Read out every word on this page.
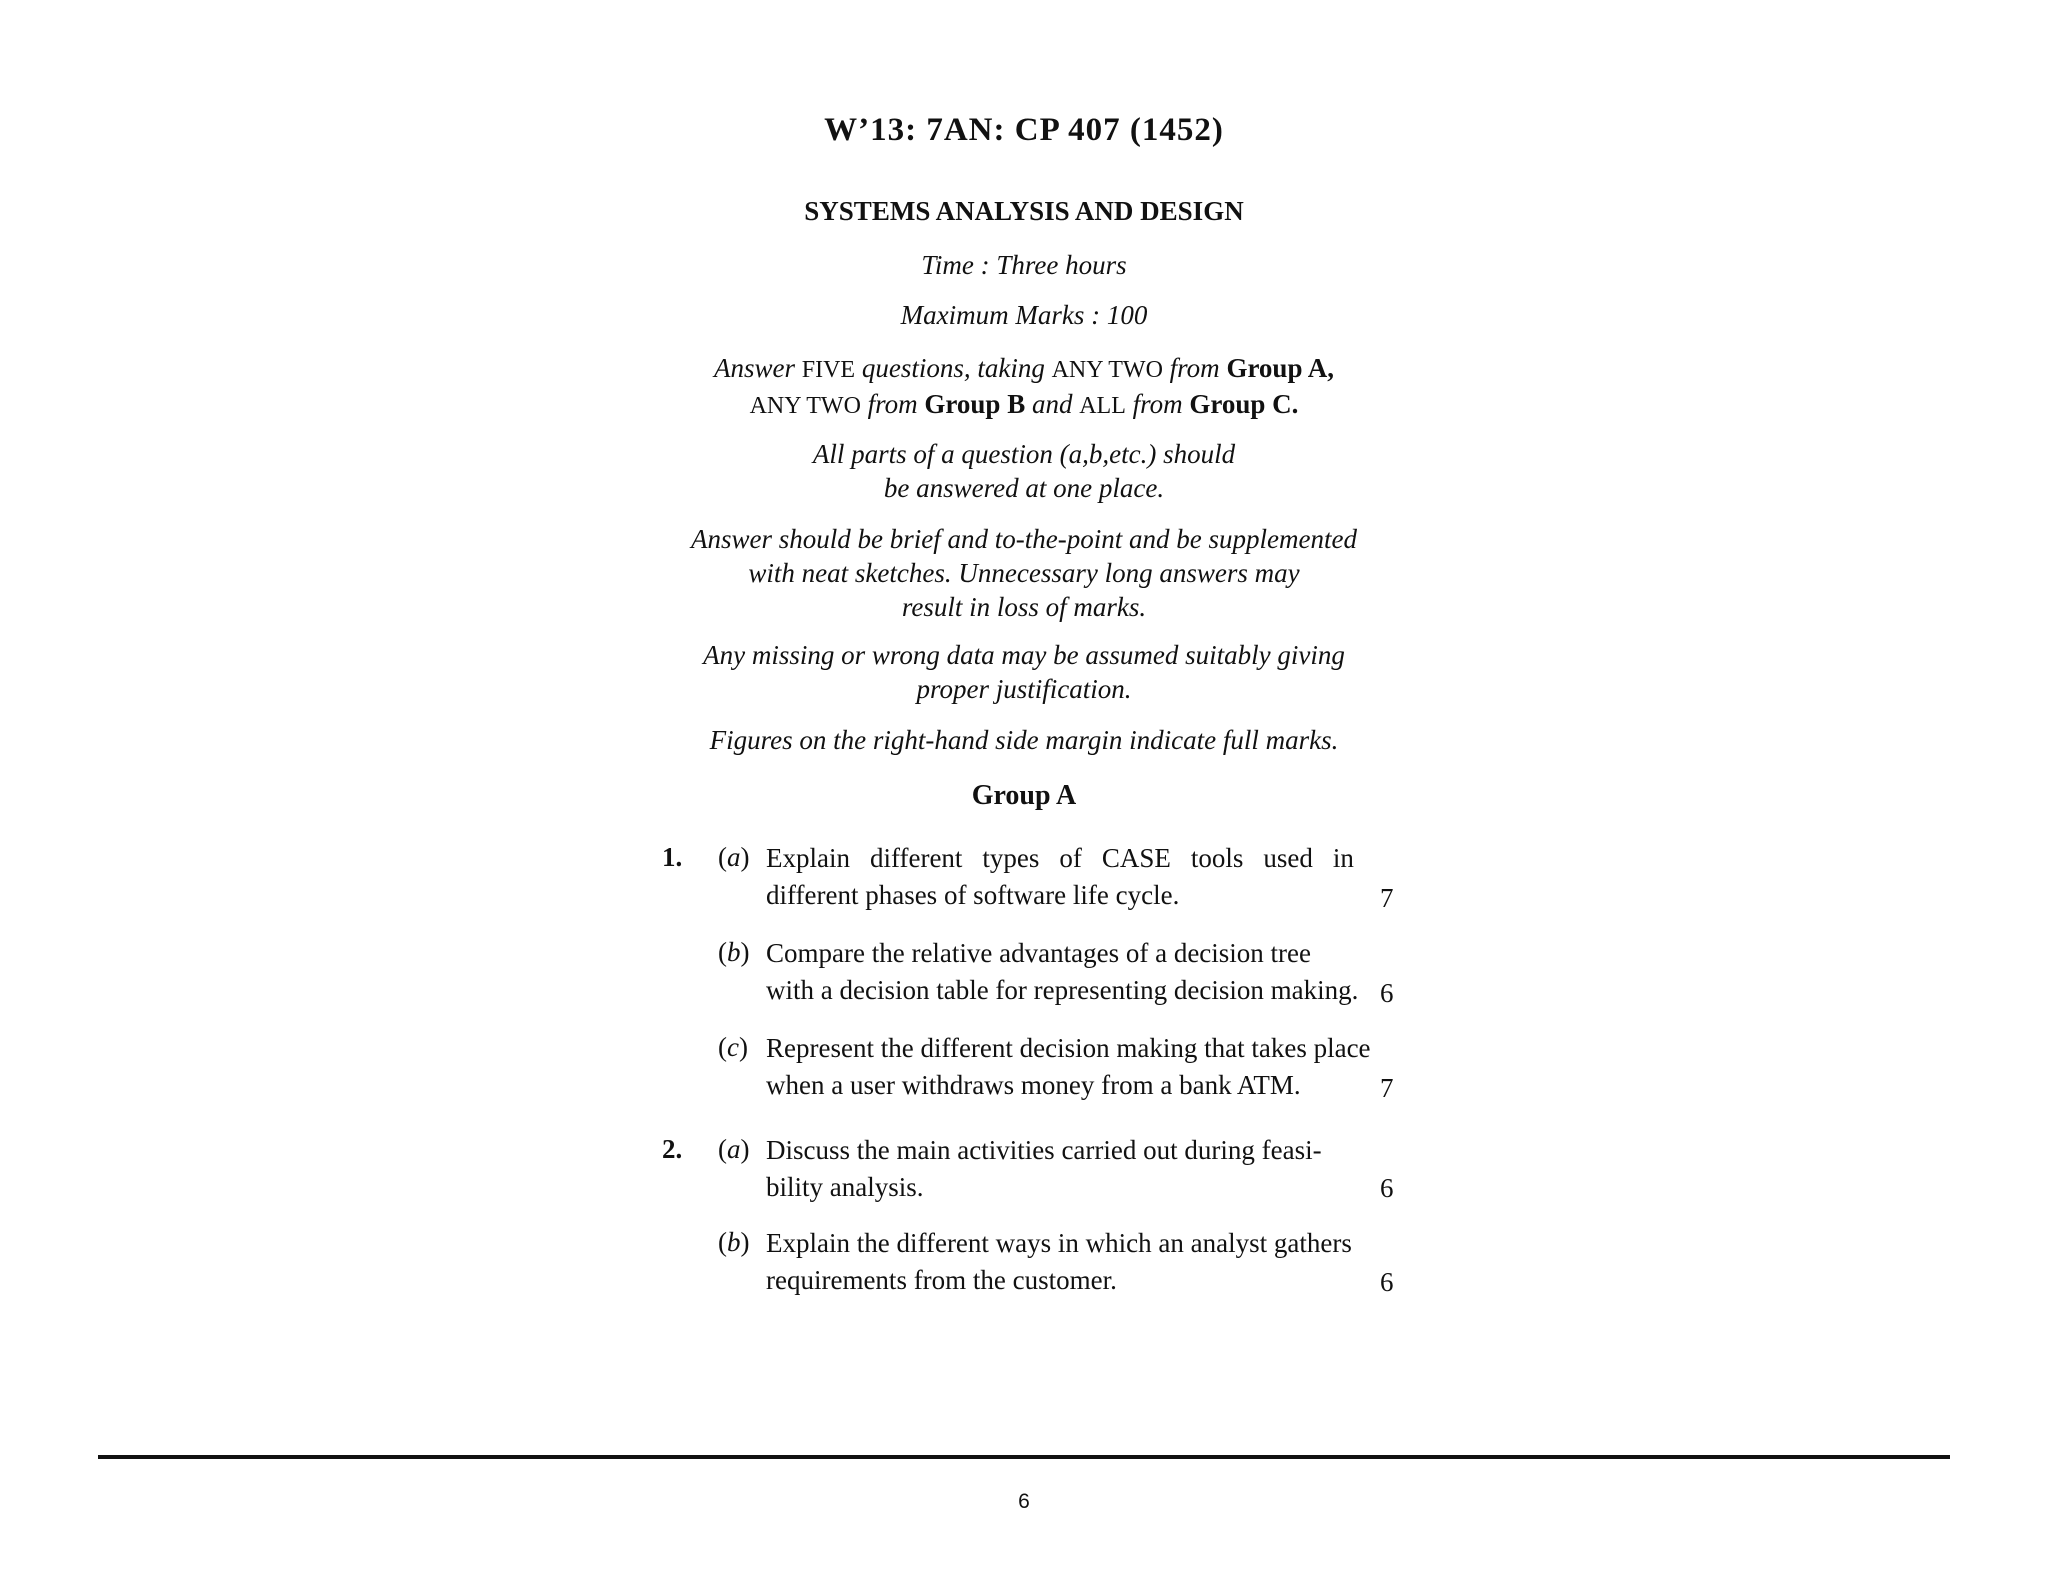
W’13: 7AN: CP 407 (1452)
SYSTEMS ANALYSIS AND DESIGN
Time : Three hours
Maximum Marks : 100
Answer FIVE questions, taking ANY TWO from Group A,
ANY TWO from Group B and ALL from Group C.
All parts of a question (a,b,etc.) should
be answered at one place.
Answer should be brief and to-the-point and be supplemented
with neat sketches. Unnecessary long answers may
result in loss of marks.
Any missing or wrong data may be assumed suitably giving
proper justification.
Figures on the right-hand side margin indicate full marks.
Group A
1. (a) Explain different types of CASE tools used in
different phases of software life cycle.	7
(b) Compare the relative advantages of a decision tree
with a decision table for representing decision making. 6
(c) Represent the different decision making that takes place
when a user withdraws money from a bank ATM.	7
2. (a) Discuss the main activities carried out during feasi-
bility analysis.	6
(b) Explain the different ways in which an analyst gathers
requirements from the customer.	6
6
